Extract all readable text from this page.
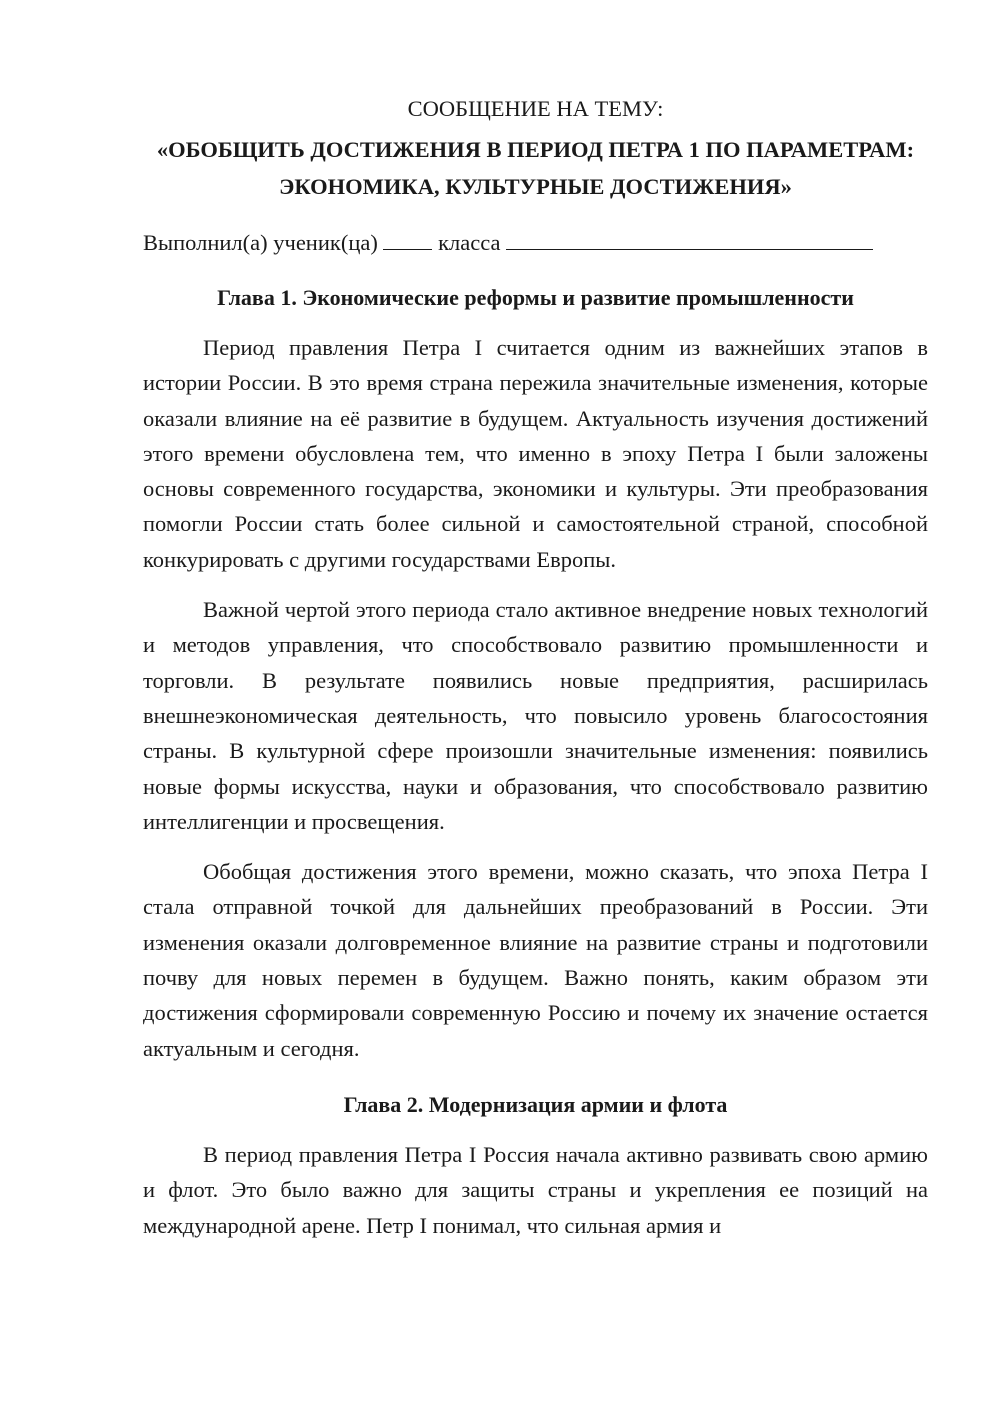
СООБЩЕНИЕ НА ТЕМУ:
«ОБОБЩИТЬ ДОСТИЖЕНИЯ В ПЕРИОД ПЕТРА 1 ПО ПАРАМЕТРАМ: ЭКОНОМИКА, КУЛЬТУРНЫЕ ДОСТИЖЕНИЯ»
Выполнил(а) ученик(ца)	класса
Глава 1. Экономические реформы и развитие промышленности

Период правления Петра I считается одним из важнейших этапов в истории России. В это время страна пережила значительные изменения, которые оказали влияние на её развитие в будущем. Актуальность изучения достижений этого времени обусловлена тем, что именно в эпоху Петра I были заложены основы современного государства, экономики и культуры. Эти преобразования помогли России стать более сильной и самостоятельной страной, способной конкурировать с другими государствами Европы.

Важной чертой этого периода стало активное внедрение новых технологий и методов управления, что способствовало развитию промышленности и торговли. В результате появились новые предприятия, расширилась внешнеэкономическая деятельность, что повысило уровень благосостояния страны. В культурной сфере произошли значительные изменения: появились новые формы искусства, науки и образования, что способствовало развитию интеллигенции и просвещения.

Обобщая достижения этого времени, можно сказать, что эпоха Петра I стала отправной точкой для дальнейших преобразований в России. Эти изменения оказали долговременное влияние на развитие страны и подготовили почву для новых перемен в будущем. Важно понять, каким образом эти достижения сформировали современную Россию и почему их значение остается актуальным и сегодня.

Глава 2. Модернизация армии и флота

В период правления Петра I Россия начала активно развивать свою армию и флот. Это было важно для защиты страны и укрепления ее позиций на международной арене. Петр I понимал, что сильная армия и
